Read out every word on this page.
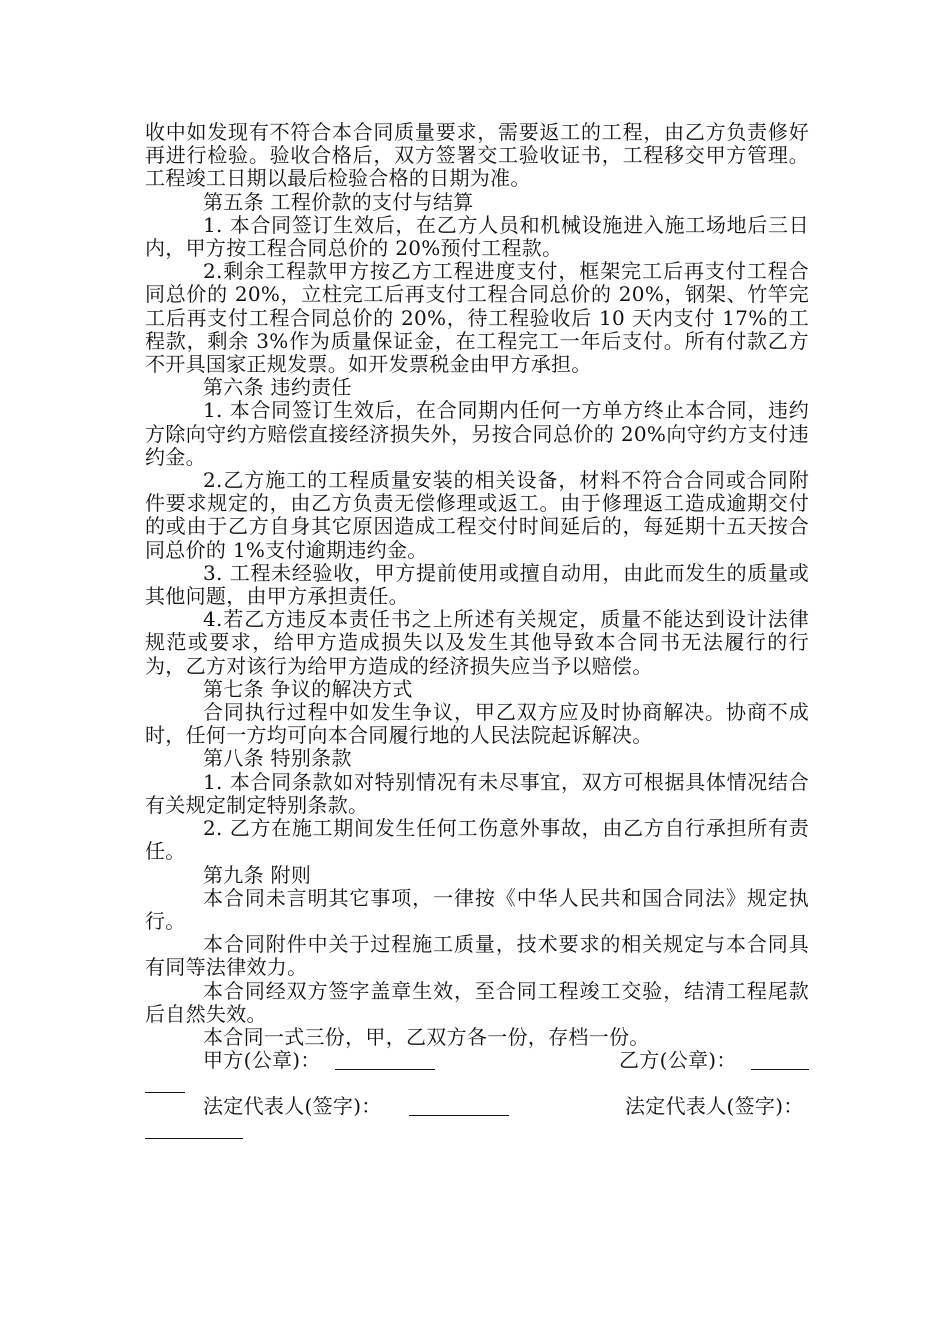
收中如发现有不符合本合同质量要求，需要返工的工程，由乙方负责修好再进行检验。验收合格后，双方签署交工验收证书，工程移交甲方管理。工程竣工日期以最后检验合格的日期为准。

第五条 工程价款的支付与结算

1. 本合同签订生效后，在乙方人员和机械设施进入施工场地后三日内，甲方按工程合同总价的 20%预付工程款。

2.剩余工程款甲方按乙方工程进度支付，框架完工后再支付工程合同总价的 20%，立柱完工后再支付工程合同总价的 20%，钢架、竹竿完工后再支付工程合同总价的 20%，待工程验收后 10 天内支付 17%的工程款，剩余 3%作为质量保证金，在工程完工一年后支付。所有付款乙方不开具国家正规发票。如开发票税金由甲方承担。

第六条 违约责任

1. 本合同签订生效后，在合同期内任何一方单方终止本合同，违约方除向守约方赔偿直接经济损失外，另按合同总价的 20%向守约方支付违约金。

2.乙方施工的工程质量安装的相关设备，材料不符合合同或合同附件要求规定的，由乙方负责无偿修理或返工。由于修理返工造成逾期交付的或由于乙方自身其它原因造成工程交付时间延后的，每延期十五天按合同总价的 1%支付逾期违约金。

3. 工程未经验收，甲方提前使用或擅自动用，由此而发生的质量或其他问题，由甲方承担责任。

4.若乙方违反本责任书之上所述有关规定，质量不能达到设计法律规范或要求，给甲方造成损失以及发生其他导致本合同书无法履行的行为，乙方对该行为给甲方造成的经济损失应当予以赔偿。

第七条 争议的解决方式

合同执行过程中如发生争议，甲乙双方应及时协商解决。协商不成时，任何一方均可向本合同履行地的人民法院起诉解决。

第八条 特别条款

1. 本合同条款如对特别情况有未尽事宜，双方可根据具体情况结合有关规定制定特别条款。

2. 乙方在施工期间发生任何工伤意外事故，由乙方自行承担所有责任。

第九条 附则

本合同未言明其它事项，一律按《中华人民共和国合同法》规定执行。

本合同附件中关于过程施工质量，技术要求的相关规定与本合同具有同等法律效力。

本合同经双方签字盖章生效，至合同工程竣工交验，结清工程尾款后自然失效。

本合同一式三份，甲，乙双方各一份，存档一份。

甲方(公章)：	乙方(公章)：
法定代表人(签字)：	法定代表人(签字)：
